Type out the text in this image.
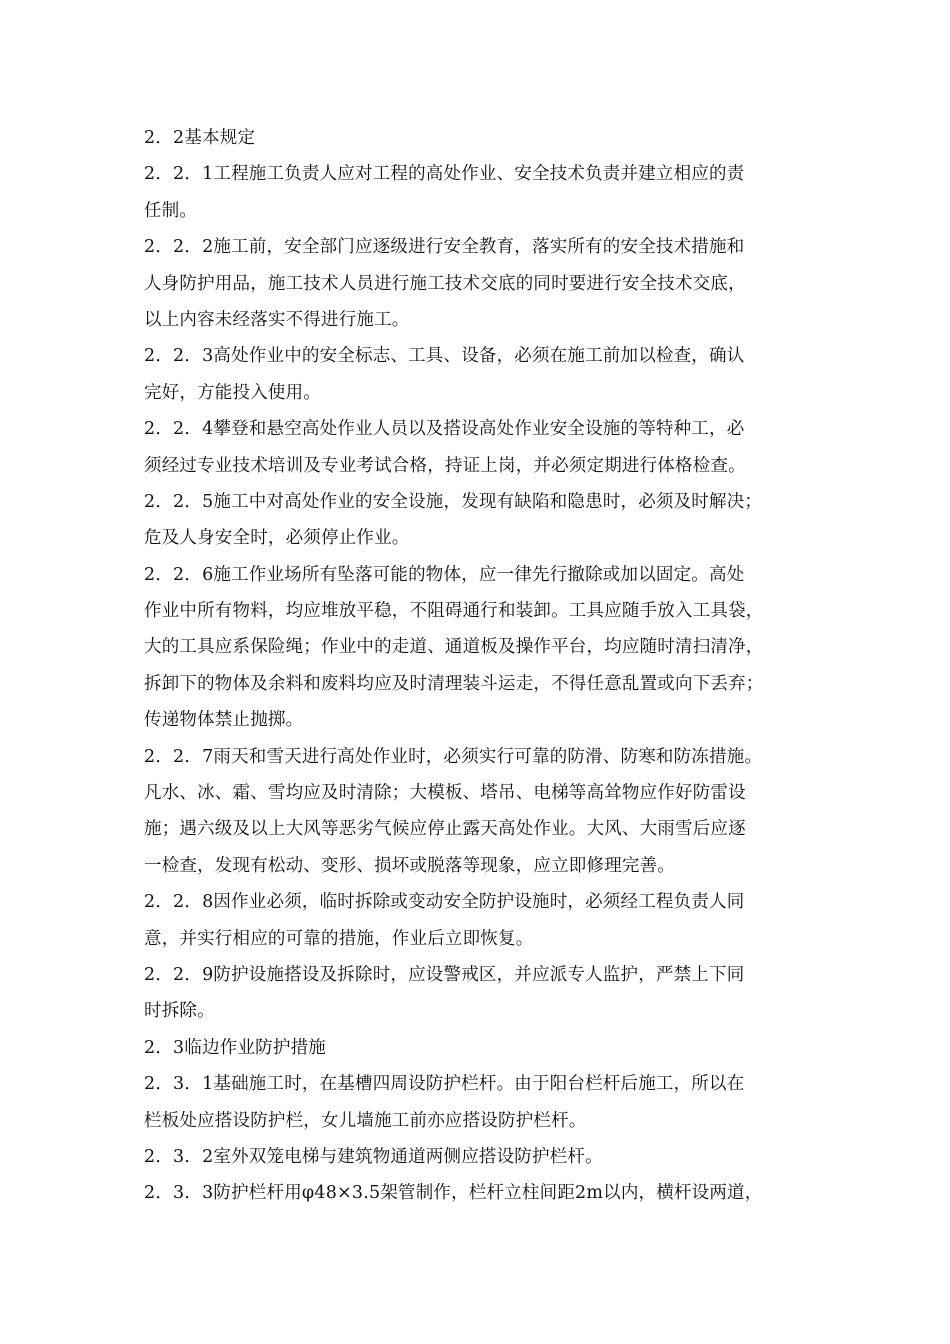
2．2基本规定
2．2．1工程施工负责人应对工程的高处作业、安全技术负责并建立相应的责
任制。
2．2．2施工前，安全部门应逐级进行安全教育，落实所有的安全技术措施和
人身防护用品，施工技术人员进行施工技术交底的同时要进行安全技术交底，
以上内容未经落实不得进行施工。
2．2．3高处作业中的安全标志、工具、设备，必须在施工前加以检查，确认
完好，方能投入使用。
2．2．4攀登和悬空高处作业人员以及搭设高处作业安全设施的等特种工，必
须经过专业技术培训及专业考试合格，持证上岗，并必须定期进行体格检查。
2．2．5施工中对高处作业的安全设施，发现有缺陷和隐患时，必须及时解决；
危及人身安全时，必须停止作业。
2．2．6施工作业场所有坠落可能的物体，应一律先行撤除或加以固定。高处
作业中所有物料，均应堆放平稳，不阻碍通行和装卸。工具应随手放入工具袋，
大的工具应系保险绳；作业中的走道、通道板及操作平台，均应随时清扫清净，
拆卸下的物体及余料和废料均应及时清理装斗运走，不得任意乱置或向下丢弃；
传递物体禁止抛掷。
2．2．7雨天和雪天进行高处作业时，必须实行可靠的防滑、防寒和防冻措施。
凡水、冰、霜、雪均应及时清除；大模板、塔吊、电梯等高耸物应作好防雷设
施；遇六级及以上大风等恶劣气候应停止露天高处作业。大风、大雨雪后应逐
一检查，发现有松动、变形、损坏或脱落等现象，应立即修理完善。
2．2．8因作业必须，临时拆除或变动安全防护设施时，必须经工程负责人同
意，并实行相应的可靠的措施，作业后立即恢复。
2．2．9防护设施搭设及拆除时，应设警戒区，并应派专人监护，严禁上下同
时拆除。
2．3临边作业防护措施
2．3．1基础施工时，在基槽四周设防护栏杆。由于阳台栏杆后施工，所以在
栏板处应搭设防护栏，女儿墙施工前亦应搭设防护栏杆。
2．3．2室外双笼电梯与建筑物通道两侧应搭设防护栏杆。
2．3．3防护栏杆用φ48×3.5架管制作，栏杆立柱间距2m以内，横杆设两道，
